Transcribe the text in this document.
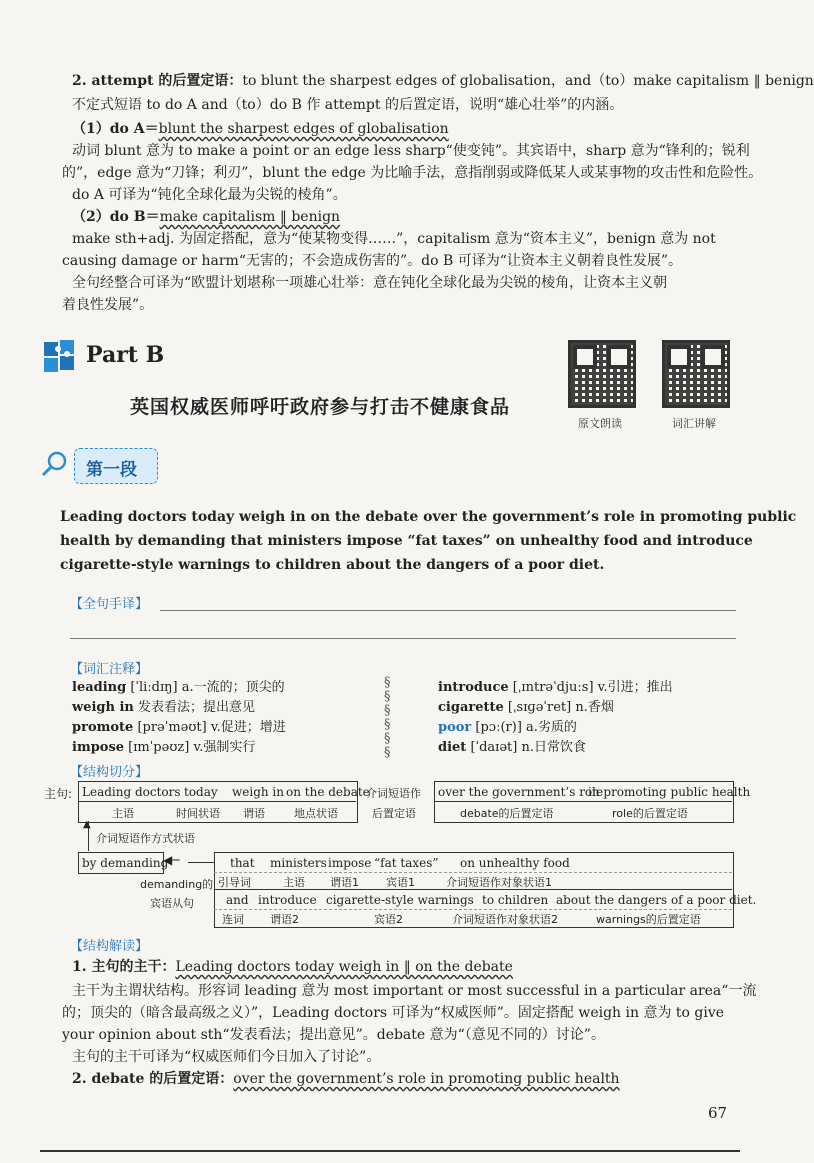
2. attempt 的后置定语：to blunt the sharpest edges of globalisation，and（to）make capitalism ‖ benign
不定式短语 to do A and（to）do B 作 attempt 的后置定语，说明“雄心壮举”的内涵。
（1）do A＝blunt the sharpest edges of globalisation
动词 blunt 意为 to make a point or an edge less sharp“使变钝”。其宾语中，sharp 意为“锋利的；锐利
的”，edge 意为“刀锋；利刃”，blunt the edge 为比喻手法，意指削弱或降低某人或某事物的攻击性和危险性。
do A 可译为“钝化全球化最为尖锐的棱角”。
（2）do B＝make capitalism ‖ benign
make sth+adj. 为固定搭配，意为“使某物变得……”，capitalism 意为“资本主义”，benign 意为 not
causing damage or harm“无害的；不会造成伤害的”。do B 可译为“让资本主义朝着良性发展”。
全句经整合可译为“欧盟计划堪称一项雄心壮举：意在钝化全球化最为尖锐的棱角，让资本主义朝
着良性发展”。
Part B
英国权威医师呼吁政府参与打击不健康食品
原文朗读	词汇讲解
第一段
Leading doctors today weigh in on the debate over the government’s role in promoting public
health by demanding that ministers impose “fat taxes” on unhealthy food and introduce
cigarette-style warnings to children about the dangers of a poor diet.
【全句手译】
【词汇注释】
leading [ˈliːdɪŋ] a.一流的；顶尖的
weigh in 发表看法；提出意见
promote [prəˈməʊt] v.促进；增进
impose [ɪmˈpəʊz] v.强制实行
§
§
§
§
§
§
introduce [ˌɪntrəˈdjuːs] v.引进；推出
cigarette [ˌsɪɡəˈret] n.香烟
poor [pɔː(r)] a.劣质的
diet [ˈdaɪət] n.日常饮食
【结构切分】
主句: Leading doctors today weigh in on the debate
主语	时间状语 谓语	地点状语
介词短语作
后置定语
over the government’s role
in promoting public health
debate的后置定语	role的后置定语
▲
介词短语作方式状语
by demanding
◀─
demanding的
宾语从句
that ministers impose “fat taxes” on unhealthy food
引导词	主语 谓语1 宾语1	介词短语作对象状语1
and introduce cigarette-style warnings to children about the dangers of a poor diet.
连词 谓语2	宾语2	介词短语作对象状语2	warnings的后置定语
【结构解读】
1. 主句的主干：Leading doctors today weigh in ‖ on the debate
主干为主谓状结构。形容词 leading 意为 most important or most successful in a particular area“一流
的；顶尖的（暗含最高级之义）”，Leading doctors 可译为“权威医师”。固定搭配 weigh in 意为 to give
your opinion about sth“发表看法；提出意见”。debate 意为“（意见不同的）讨论”。
主句的主干可译为“权威医师们今日加入了讨论”。
2. debate 的后置定语：over the government’s role in promoting public health
67
